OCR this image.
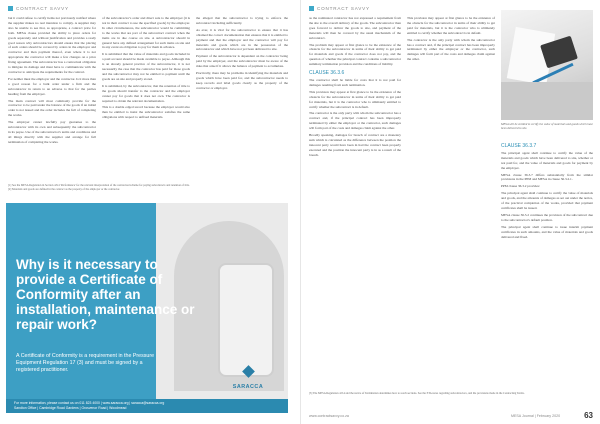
CONTRACT SAVVY

but it could refuse to certify items not previously notified where the supplier makes no real intention to comply. A supplier may also be unable to see that, as appropriate, a contract price for both. MESA clause provided the ability to place orders for goods separately and without justification and provides a ready good reason why subcontractors should ensure that the placing of such orders should be covered by orders in the employer and contractor and then payment thereof, even where it is not appropriate the contractor will make a few changes on a price fixing agreement. The subcontractor has a contractual obligation to mitigate its damage and must have to communicate with the contractor to anticipate the requirements for the contract.

For neither must the employer and the contractor. Is it more than a good reason for a bulk order under a firm and the subcontractor in return to an adverse to that for the parties heading from the employer.

The main contract will most commonly provide for the contractor to be paid under the balance of the goods if an initial order is not issued and the order includes the full of completing the works.

The employer cannot lawfully pay guarantee to the subcontractor with its own and subsequently the subcontractor in its payee. Use of the subcontractor's terms and conditions and all things directly with the supplier and arrange for full termination of completing the works.

of the subcontractor's order and direct sale to the employer (it is not in their contract to use the specified goods) by the employer. In other circumstances, the subcontractor would be committing to the works that are part of the subcontract contract when the items are in due course on site. A subcontractor should in general have any defined arrangement for such items on site and in any event an obligation to pay for them in advance.

It is submitted that the value of materials and goods included in a paid account should be made available to payee. Although this is an already general practice of the subcontractor, it is not necessarily the case that the contractor has paid for those goods and the subcontractor may not be entitled to payment until the goods are on site and properly stored.

It is submitted, by the subcontractor, that the retention of title to the goods should transfer to the contractor and the employer cannot pay for goods that it does not own. The contractor is required to obtain the relevant documentation.

This is a double edged sword because the employer would also then be entitled to insist the subcontractor satisfies the same obligations with respect to unfixed materials.

the alleged that the subcontractor is trying to enforce the subcontract including sufficiently.

As ever, it is vital for the subcontractor to ensure that it has obtained the correct documentation that ensures that it is entitled to payment and that the employer and the contractor will pay for materials and goods which are in the possession of the subcontractor and which have not yet been delivered to site.

Payment of the subcontractor is dependent on the contractor being paid by the employer, and the subcontractor must be aware of the risks that arise if it allows the balance of payment to accumulate.

Practically, there may be problems in identifying the materials and goods which have been paid for, and the subcontractor needs to keep records and label goods clearly as the property of the contractor or employer.

[1] See the MESA Regulation in Section 4.8.4 'Performance' for the relevant interpretation of the contractual scheme for paying subcontracts and retention of title.
[2] Materials and goods are defined in the contract as the property of the employer or the contractor.
Why is it necessary to provide a Certificate of Conformity after an installation, maintenance or repair work?
A Certificate of Conformity is a requirement in the Pressure Equipment Regulation 17 (3) and must be signed by a registered practitioner.
SARACCA
For more information, please contact us on 011 823 4000 | www.saracca.org | saracca@saracca.org
Sandton Office | Cambridge Road Gardens | Grosvenor Road | Woodmead
CONTRACT SAVVY

as the nominated contractor has not expressed a requirement from the site to the overall delivery of the goods. The subcontractor then goes forward to deliver the goods to site, and payment of the materials will then be covered by the usual mechanism of the subcontract.

The problem may appear at first glance to be the existence of the obstacle for the subcontractor in terms of their ability to get paid for materials and goods if the contractor does not pay, and the question of whether the principal contract contains a subcontractor summary termination provision and the conditions of liability.

CLAUSE 36.3.6

The contractor shall be liable for costs that it is not paid for damages resulting from such termination.

This provision may appear at first glance to be the existence of the obstacle for the subcontractor in terms of their ability to get paid for materials, but it is the contractor who is ultimately entitled to certify whether the subcontract is in default.

The contractor is the only party with whom the subcontractor has a contract and, if the principal contract has been improperly terminated by either the employer or the contractor, such damages will form part of the costs and damages claim against the other.

Broadly speaking, damages for breach of contract are a monetary sum which is calculated as the difference between the position the innocent party would have been in had the contract been properly executed and the position the innocent party is in as a result of the breach.

This provision may appear at first glance to be the existence of the obstacle for the subcontractor in terms of their ability to get paid for materials, but it is the contractor who is ultimately entitled to certify whether the subcontract is in default.

The contractor is the only party with whom the subcontractor has a contract and, if the principal contract has been improperly terminated by either the employer or the contractor, such damages will form part of the costs and damages claim against the other.

MESA will be entitled to certify the value of materials and goods which have been delivered to site.
CLAUSE 36.3.7

The principal agent shall continue to certify the value of the materials and goods which have been delivered to site, whether or not paid for, and the value of materials and goods for payment by the employer.

MESA clause 36.3.7 differs substantially from the similar provisions in the PPM and MESA in clause 36.3.2.1.

PPM clause 36.3.2 provides:

The principal agent shall continue to certify the value of materials and goods, and the amounts of damages as set out under the notice, of the practical completion of the works, provided that payment certificates shall be issued.

MESA clause 36.3.2 continues the provision of the subcontract due to the subcontractor's default position.

The principal agent shall continue to issue interim payment certificates in such amounts, and the value of materials and goods delivered and fixed.

[3] The MESA Regulation 4.8.4 and the notice of Termination determines how to reach sections. See the ETA notes regarding subcontractors, and the provisions made in the Contracting Terms.
www.contractsavvy.co.za	MESA Journal | February 2020	63
